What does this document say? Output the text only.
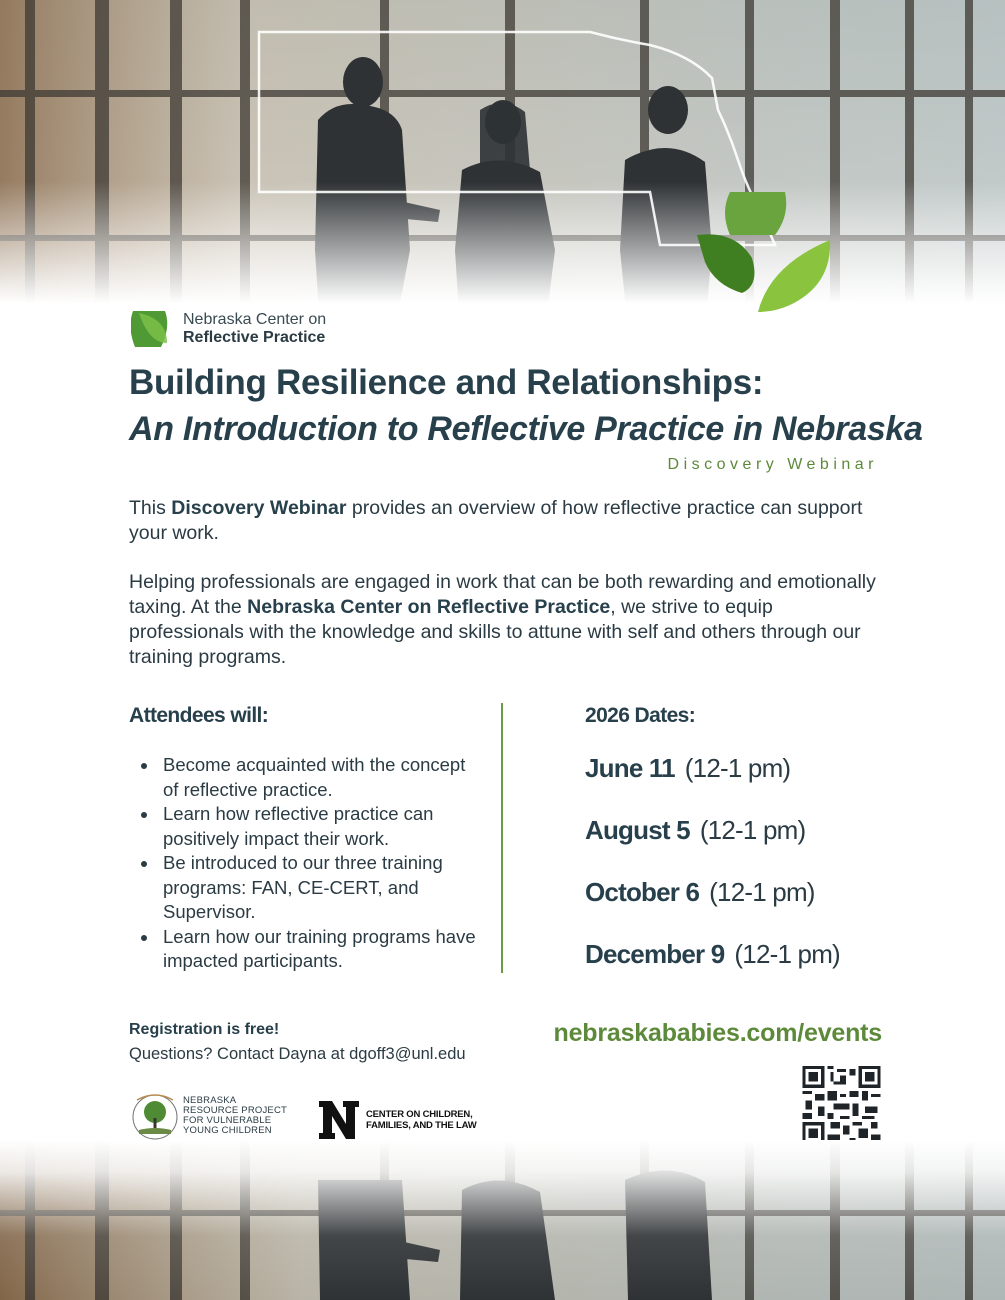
Nebraska Center on
Reflective Practice
Building Resilience and Relationships:
An Introduction to Reflective Practice in Nebraska
Discovery Webinar

This Discovery Webinar provides an overview of how reflective practice can support your work.

Helping professionals are engaged in work that can be both rewarding and emotionally taxing. At the Nebraska Center on Reflective Practice, we strive to equip professionals with the knowledge and skills to attune with self and others through our training programs.

Attendees will:
Become acquainted with the concept of reflective practice.
Learn how reflective practice can positively impact their work.
Be introduced to our three training programs: FAN, CE-CERT, and Supervisor.
Learn how our training programs have impacted participants.
2026 Dates:
June 11 (12-1 pm)
August 5 (12-1 pm)
October 6 (12-1 pm)
December 9 (12-1 pm)
Registration is free!
Questions? Contact Dayna at dgoff3@unl.edu
nebraskababies.com/events
NEBRASKA
RESOURCE PROJECT
FOR VULNERABLE
YOUNG CHILDREN
CENTER ON CHILDREN,
FAMILIES, AND THE LAW
